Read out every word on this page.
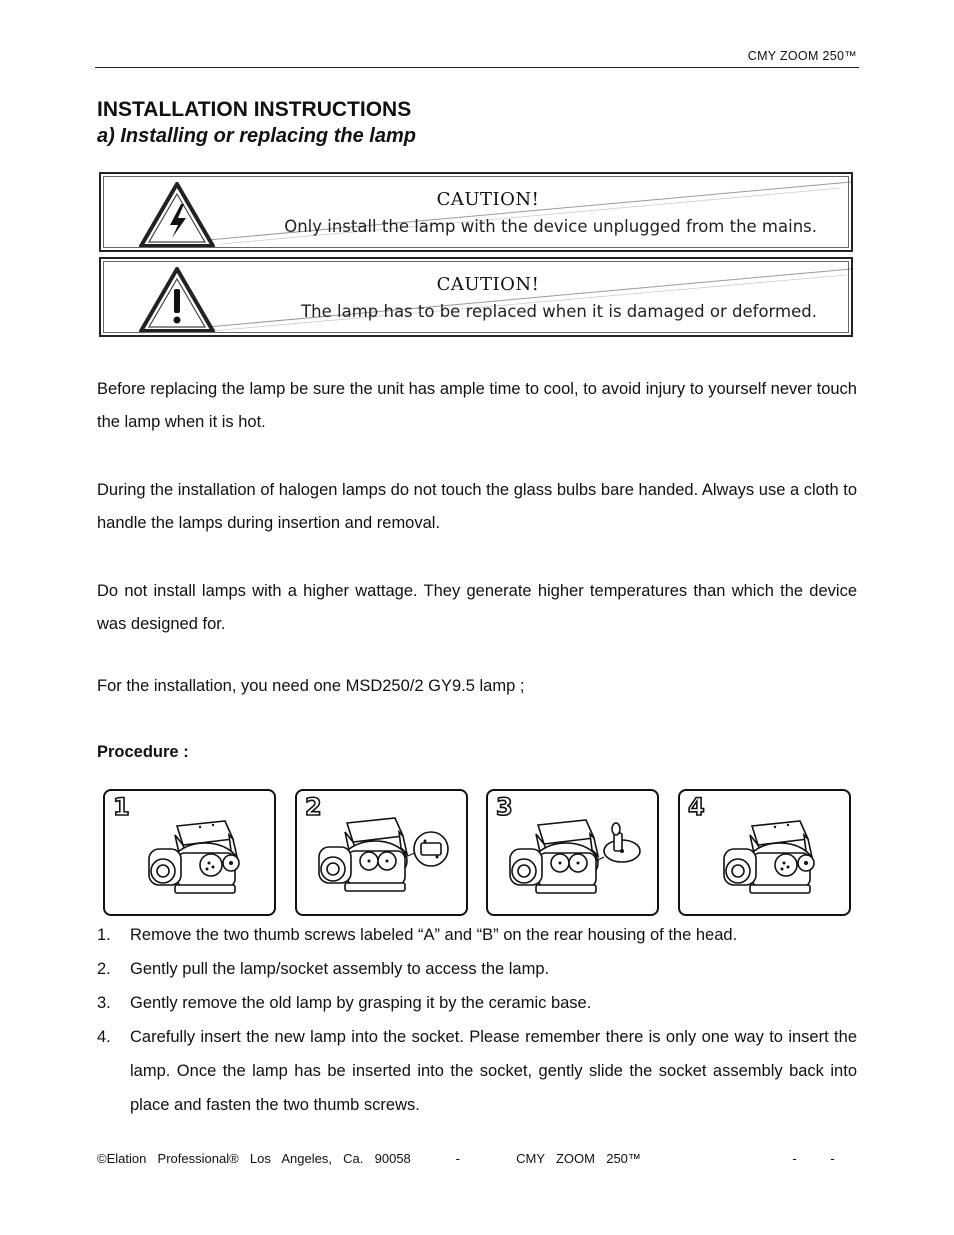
CMY ZOOM 250™
INSTALLATION INSTRUCTIONS
a) Installing or replacing the lamp
CAUTION!
Only install the lamp with the device unplugged from the mains.
CAUTION!
The lamp has to be replaced when it is damaged or deformed.
Before replacing the lamp be sure the unit has ample time to cool, to avoid injury to yourself never touch the lamp when it is hot.
During the installation of halogen lamps do not touch the glass bulbs bare handed. Always use a cloth to handle the lamps during insertion and removal.
Do not install lamps with a higher wattage. They generate higher temperatures than which the device was designed for.
For the installation, you need one MSD250/2 GY9.5 lamp ;
Procedure :
1	2	3	4
1. Remove the two thumb screws labeled “A” and “B” on the rear housing of the head.
2. Gently pull the lamp/socket assembly to access the lamp.
3. Gently remove the old lamp by grasping it by the ceramic base.
4. Carefully insert the new lamp into the socket. Please remember there is only one way to insert the lamp. Once the lamp has be inserted into the socket, gently slide the socket assembly back into place and fasten the two thumb screws.
©Elation  Professional®  Los  Angeles,  Ca.  90058        -          CMY  ZOOM  250™                           -      -
